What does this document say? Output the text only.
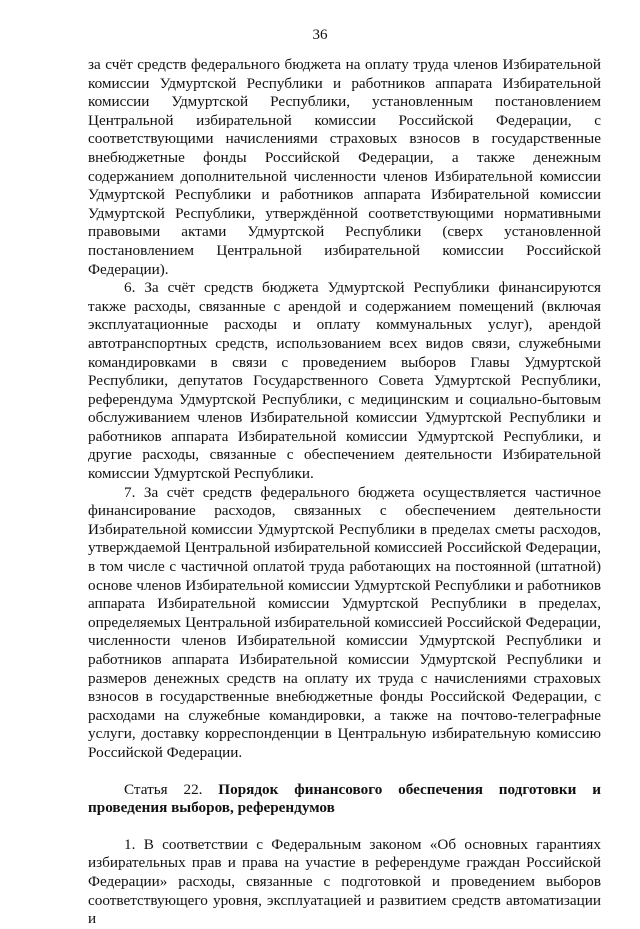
36

за счёт средств федерального бюджета на оплату труда членов Избирательной комиссии Удмуртской Республики и работников аппарата Избирательной комиссии Удмуртской Республики, установленным постановлением Центральной избирательной комиссии Российской Федерации, с соответствующими начислениями страховых взносов в государственные внебюджетные фонды Российской Федерации, а также денежным содержанием дополнительной численности членов Избирательной комиссии Удмуртской Республики и работников аппарата Избирательной комиссии Удмуртской Республики, утверждённой соответствующими нормативными правовыми актами Удмуртской Республики (сверх установленной постановлением Центральной избирательной комиссии Российской Федерации).

6. За счёт средств бюджета Удмуртской Республики финансируются также расходы, связанные с арендой и содержанием помещений (включая эксплуатационные расходы и оплату коммунальных услуг), арендой автотранспортных средств, использованием всех видов связи, служебными командировками в связи с проведением выборов Главы Удмуртской Республики, депутатов Государственного Совета Удмуртской Республики, референдума Удмуртской Республики, с медицинским и социально-бытовым обслуживанием членов Избирательной комиссии Удмуртской Республики и работников аппарата Избирательной комиссии Удмуртской Республики, и другие расходы, связанные с обеспечением деятельности Избирательной комиссии Удмуртской Республики.

7. За счёт средств федерального бюджета осуществляется частичное финансирование расходов, связанных с обеспечением деятельности Избирательной комиссии Удмуртской Республики в пределах сметы расходов, утверждаемой Центральной избирательной комиссией Российской Федерации, в том числе с частичной оплатой труда работающих на постоянной (штатной) основе членов Избирательной комиссии Удмуртской Республики и работников аппарата Избирательной комиссии Удмуртской Республики в пределах, определяемых Центральной избирательной комиссией Российской Федерации, численности членов Избирательной комиссии Удмуртской Республики и работников аппарата Избирательной комиссии Удмуртской Республики и размеров денежных средств на оплату их труда с начислениями страховых взносов в государственные внебюджетные фонды Российской Федерации, с расходами на служебные командировки, а также на почтово-телеграфные услуги, доставку корреспонденции в Центральную избирательную комиссию Российской Федерации.

Статья 22. Порядок финансового обеспечения подготовки и проведения выборов, референдумов

1. В соответствии с Федеральным законом «Об основных гарантиях избирательных прав и права на участие в референдуме граждан Российской Федерации» расходы, связанные с подготовкой и проведением выборов соответствующего уровня, эксплуатацией и развитием средств автоматизации и
